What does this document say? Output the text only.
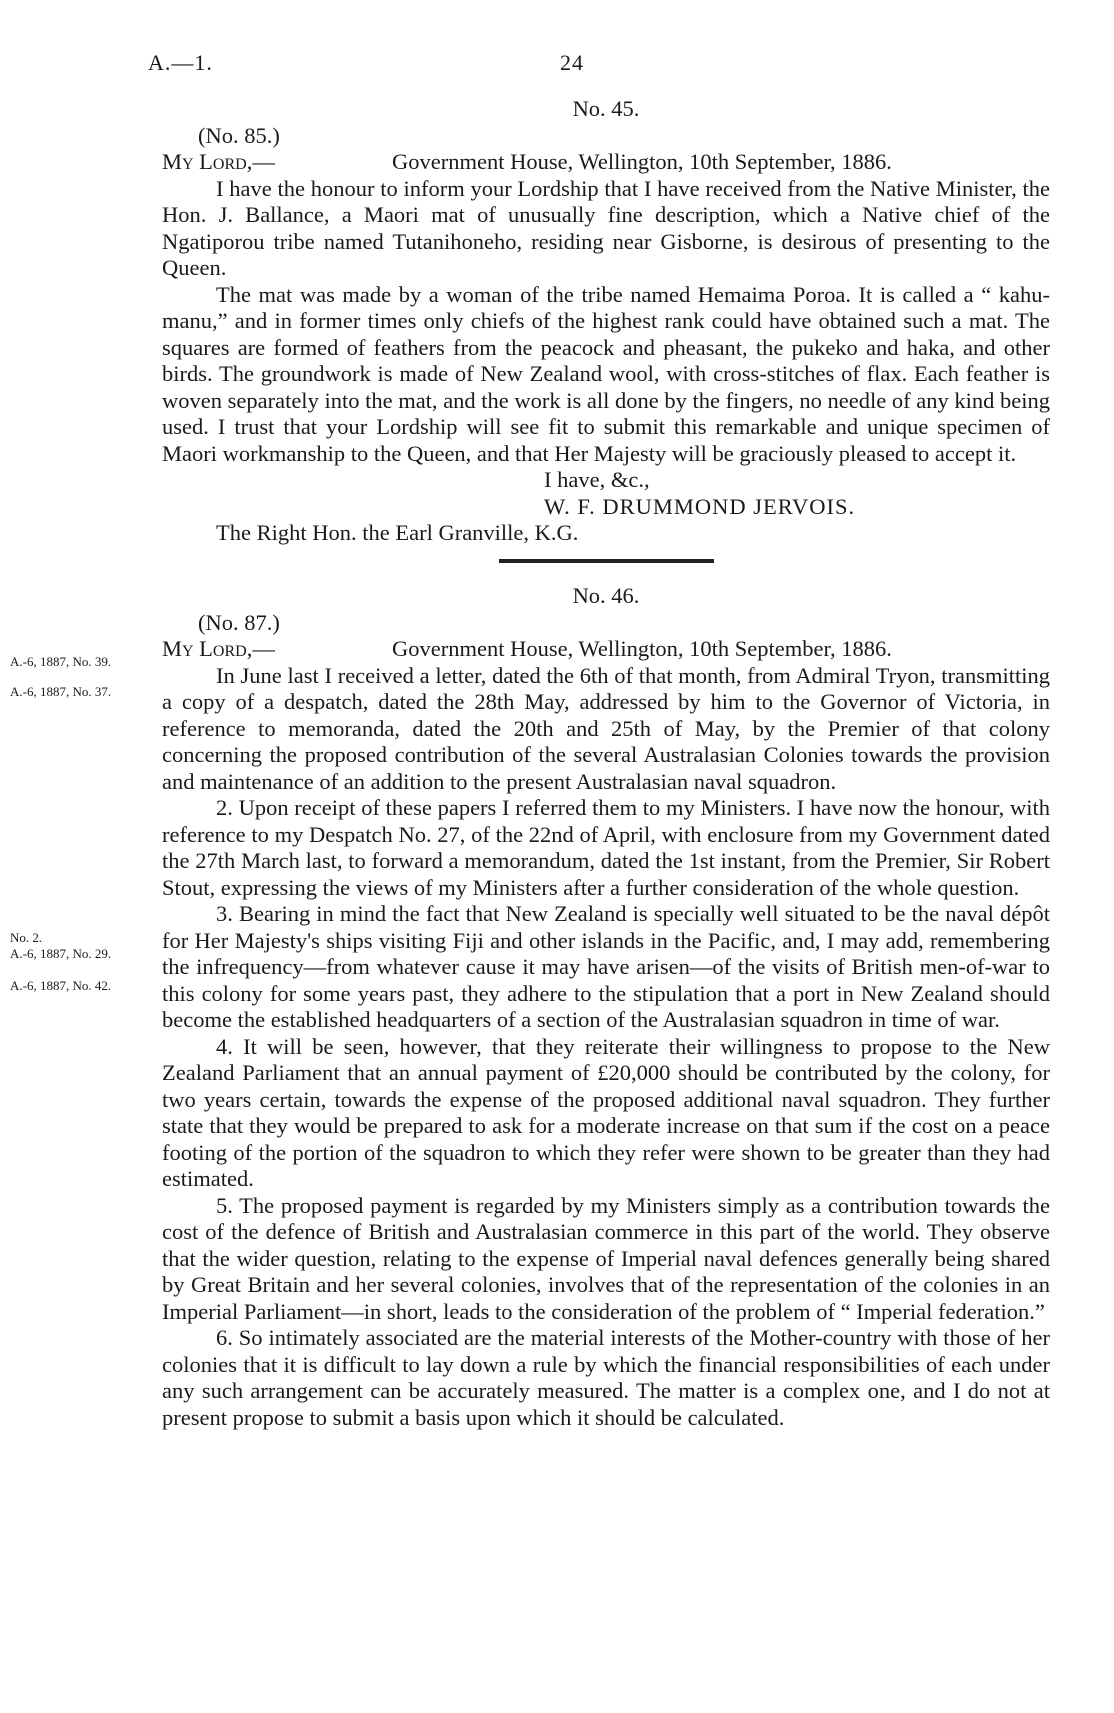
A.—1.	24
A.-6, 1887, No. 39.
A.-6, 1887, No. 37.
No. 2.
A.-6, 1887, No. 29.
A.-6, 1887, No. 42.

No. 45.

(No. 85.)

My Lord,—	Government House, Wellington, 10th September, 1886.

I have the honour to inform your Lordship that I have received from the Native Minister, the Hon. J. Ballance, a Maori mat of unusually fine description, which a Native chief of the Ngatiporou tribe named Tutanihoneho, residing near Gisborne, is desirous of presenting to the Queen.

The mat was made by a woman of the tribe named Hemaima Poroa. It is called a “ kahu-manu,” and in former times only chiefs of the highest rank could have obtained such a mat. The squares are formed of feathers from the peacock and pheasant, the pukeko and haka, and other birds. The groundwork is made of New Zealand wool, with cross-stitches of flax. Each feather is woven separately into the mat, and the work is all done by the fingers, no needle of any kind being used. I trust that your Lordship will see fit to submit this remarkable and unique specimen of Maori workmanship to the Queen, and that Her Majesty will be graciously pleased to accept it.

I have, &c.,

W. F. DRUMMOND JERVOIS.

The Right Hon. the Earl Granville, K.G.

No. 46.

(No. 87.)

My Lord,—	Government House, Wellington, 10th September, 1886.

In June last I received a letter, dated the 6th of that month, from Admiral Tryon, transmitting a copy of a despatch, dated the 28th May, addressed by him to the Governor of Victoria, in reference to memoranda, dated the 20th and 25th of May, by the Premier of that colony concerning the proposed contribution of the several Australasian Colonies towards the provision and maintenance of an addition to the present Australasian naval squadron.

2. Upon receipt of these papers I referred them to my Ministers. I have now the honour, with reference to my Despatch No. 27, of the 22nd of April, with enclosure from my Government dated the 27th March last, to forward a memorandum, dated the 1st instant, from the Premier, Sir Robert Stout, expressing the views of my Ministers after a further consideration of the whole question.

3. Bearing in mind the fact that New Zealand is specially well situated to be the naval dépôt for Her Majesty's ships visiting Fiji and other islands in the Pacific, and, I may add, remembering the infrequency—from whatever cause it may have arisen—of the visits of British men-of-war to this colony for some years past, they adhere to the stipulation that a port in New Zealand should become the established headquarters of a section of the Australasian squadron in time of war.

4. It will be seen, however, that they reiterate their willingness to propose to the New Zealand Parliament that an annual payment of £20,000 should be contributed by the colony, for two years certain, towards the expense of the proposed additional naval squadron. They further state that they would be prepared to ask for a moderate increase on that sum if the cost on a peace footing of the portion of the squadron to which they refer were shown to be greater than they had estimated.

5. The proposed payment is regarded by my Ministers simply as a contribution towards the cost of the defence of British and Australasian commerce in this part of the world. They observe that the wider question, relating to the expense of Imperial naval defences generally being shared by Great Britain and her several colonies, involves that of the representation of the colonies in an Imperial Parliament—in short, leads to the consideration of the problem of “ Imperial federation.”

6. So intimately associated are the material interests of the Mother-country with those of her colonies that it is difficult to lay down a rule by which the financial responsibilities of each under any such arrangement can be accurately measured. The matter is a complex one, and I do not at present propose to submit a basis upon which it should be calculated.
